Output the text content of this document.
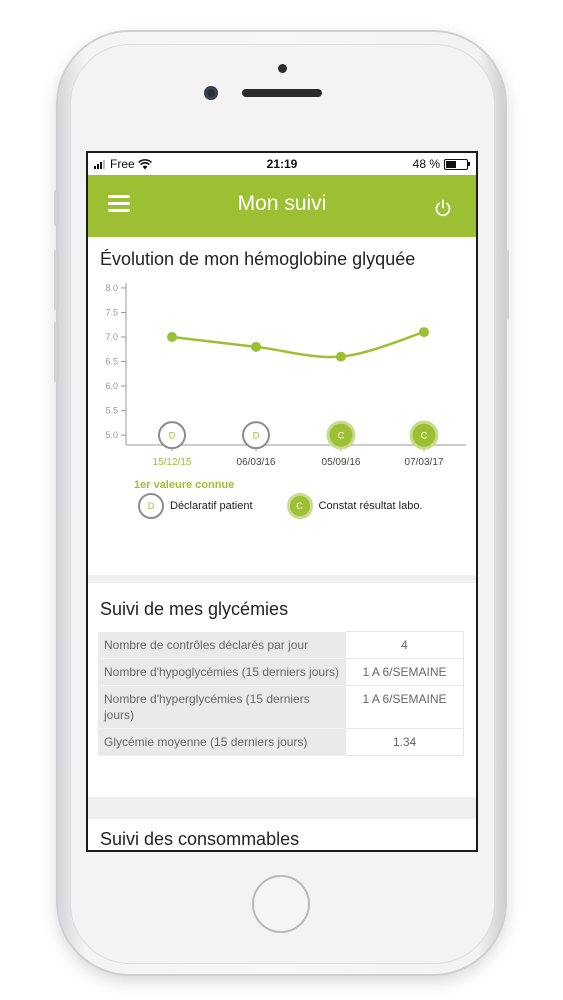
Free	21:19	48 %
Mon suivi
Évolution de mon hémoglobine glyquée
5.0
5.5
6.0
6.5
7.0
7.5
8.0
D
15/12/15
D
06/03/16
C
05/09/16
C
07/03/17
1er valeure connue
D	Déclaratif patient	C	Constat résultat labo.
Suivi de mes glycémies
Nombre de contrôles déclarés par jour	4
Nombre d'hypoglycémies (15 derniers jours)	1 A 6/SEMAINE
Nombre d'hyperglycémies (15 derniers jours)	1 A 6/SEMAINE
Glycémie moyenne (15 derniers jours)	1.34
Suivi des consommables
